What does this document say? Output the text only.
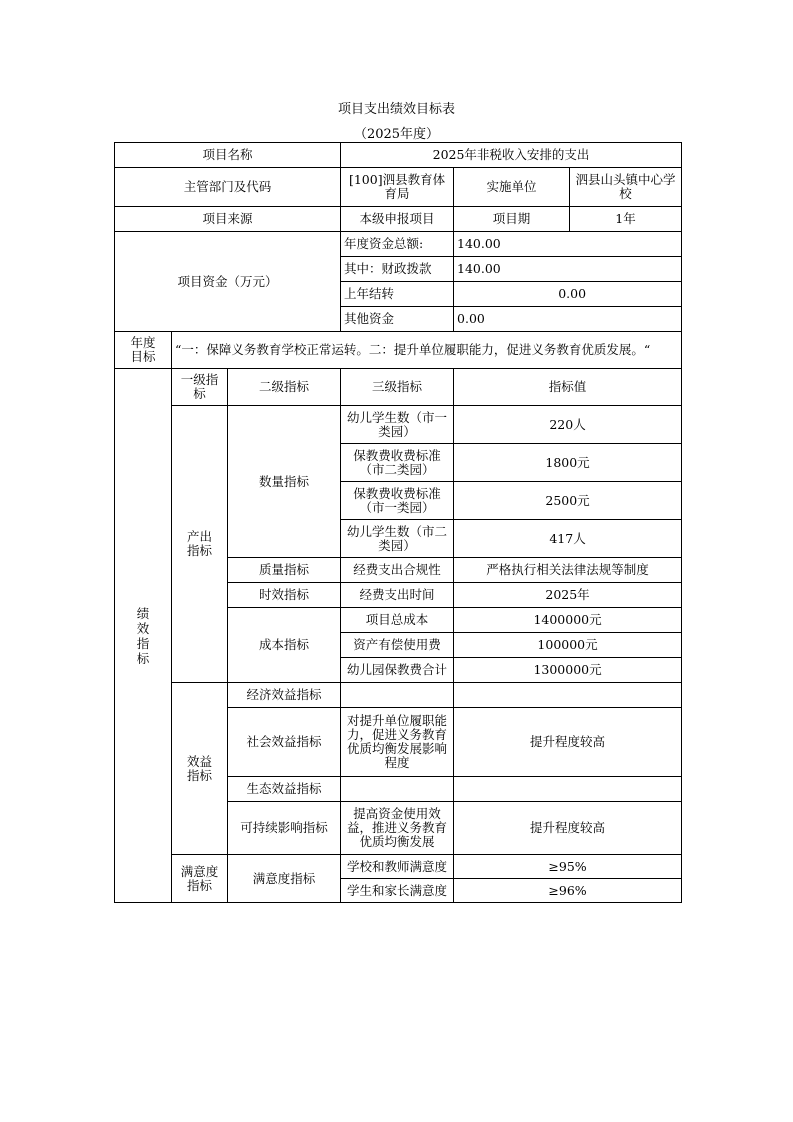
项目支出绩效目标表
（2025年度）
项目名称			2025年非税收入安排的支出		
主管部门及代码			[100]泗县教育体育局	实施单位	泗县山头镇中心学校
项目来源			本级申报项目	项目期	1年
项目资金（万元）			年度资金总额:	140.00	
			其中：财政拨款	140.00	
			上年结转	0.00	
			其他资金	0.00	
年度目标	“一：保障义务教育学校正常运转。二：提升单位履职能力，促进义务教育优质发展。“				
绩效指标	一级指标	二级指标	三级指标	指标值	
	产出指标	数量指标	幼儿学生数（市一类园）	220人	
			保教费收费标准（市二类园）	1800元	
			保教费收费标准（市一类园）	2500元	
			幼儿学生数（市二类园）	417人	
		质量指标	经费支出合规性	严格执行相关法律法规等制度	
		时效指标	经费支出时间	2025年	
		成本指标	项目总成本	1400000元	
			资产有偿使用费	100000元	
			幼儿园保教费合计	1300000元	
	效益指标	经济效益指标			
		社会效益指标	对提升单位履职能力，促进义务教育优质均衡发展影响程度	提升程度较高	
		生态效益指标			
		可持续影响指标	提高资金使用效益，推进义务教育优质均衡发展	提升程度较高	
	满意度指标	满意度指标	学校和教师满意度	≥95%	
			学生和家长满意度	≥96%	
